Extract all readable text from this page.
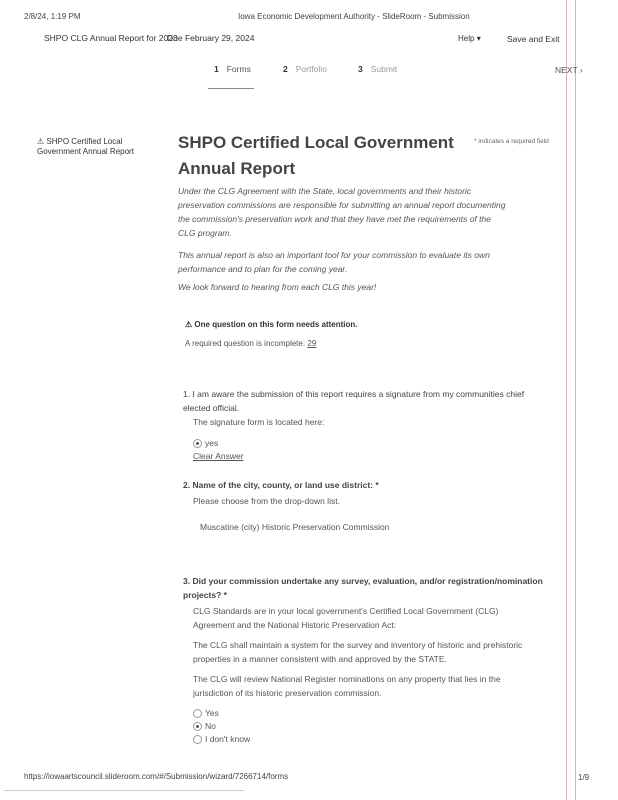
2/8/24, 1:19 PM	Iowa Economic Development Authority - SlideRoom - Submission
SHPO CLG Annual Report for 2023
Due February 29, 2024	Help ▾	Save and Exit
1 Forms	2 Portfolio	3 Submit	NEXT ›
⚠ SHPO Certified Local Government Annual Report	SHPO Certified Local Government Annual Report
* indicates a required field
Under the CLG Agreement with the State, local governments and their historic preservation commissions are responsible for submitting an annual report documenting the commission's preservation work and that they have met the requirements of the CLG program.
This annual report is also an important tool for your commission to evaluate its own performance and to plan for the coming year.
We look forward to hearing from each CLG this year!
⚠ One question on this form needs attention.
A required question is incomplete: 29
1. I am aware the submission of this report requires a signature from my communities chief elected official.
The signature form is located here:
yes
Clear Answer
2. Name of the city, county, or land use district: *
Please choose from the drop-down list.
Muscatine (city) Historic Preservation Commission
3. Did your commission undertake any survey, evaluation, and/or registration/nomination projects? *
CLG Standards are in your local government's Certified Local Government (CLG) Agreement and the National Historic Preservation Act:
The CLG shall maintain a system for the survey and inventory of historic and prehistoric properties in a manner consistent with and approved by the STATE.
The CLG will review National Register nominations on any property that lies in the jurisdiction of its historic preservation commission.
Yes
No
I don't know
https://iowaartscouncil.slideroom.com/#/Submission/wizard/7266714/forms	1/9
